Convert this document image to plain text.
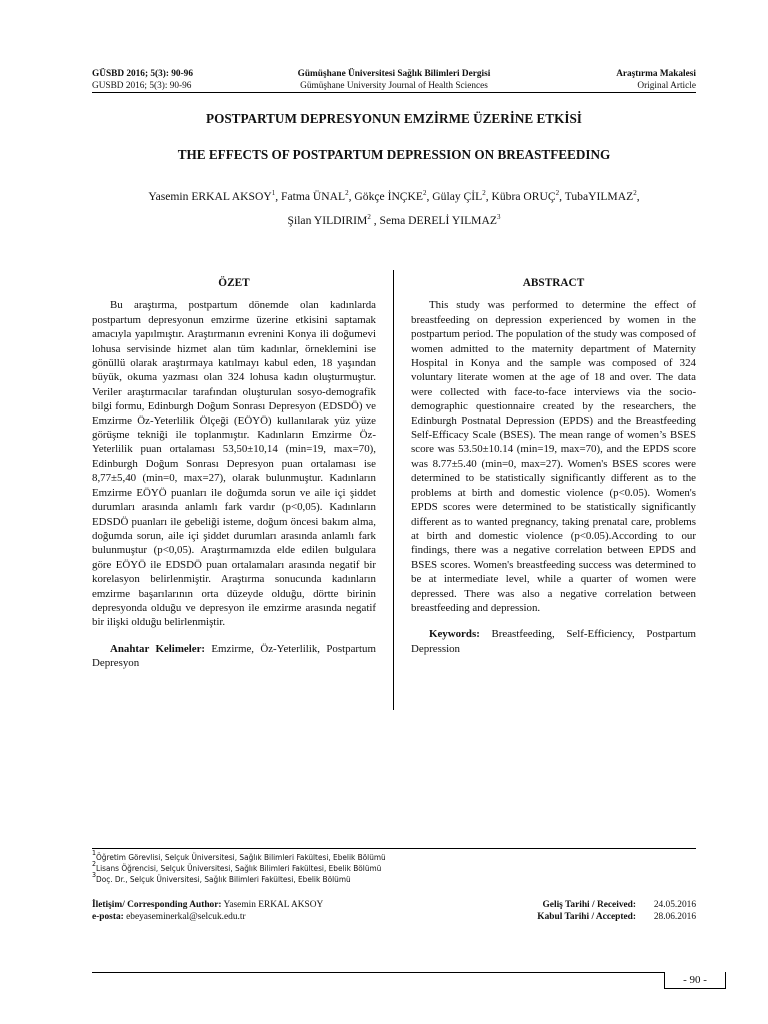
GÜSBD 2016; 5(3): 90-96	Gümüşhane Üniversitesi Sağlık Bilimleri Dergisi	Araştırma Makalesi
GUSBD 2016; 5(3): 90-96	Gümüşhane University Journal of Health Sciences	Original Article
POSTPARTUM DEPRESYONUN EMZİRME ÜZERİNE ETKİSİ
THE EFFECTS OF POSTPARTUM DEPRESSION ON BREASTFEEDING
Yasemin ERKAL AKSOY$^1$, Fatma ÜNAL$^2$, Gökçe İNÇKE$^2$, Gülay ÇİL$^2$, Kübra ORUÇ$^2$, TubaYILMAZ$^2$,
Şilan YILDIRIM$^2$ , Sema DERELİ YILMAZ$^3$
ÖZET

Bu araştırma, postpartum dönemde olan kadınlarda postpartum depresyonun emzirme üzerine etkisini saptamak amacıyla yapılmıştır. Araştırmanın evrenini Konya ili doğumevi lohusa servisinde hizmet alan tüm kadınlar, örneklemini ise gönüllü olarak araştırmaya katılmayı kabul eden, 18 yaşından büyük, okuma yazması olan 324 lohusa kadın oluşturmuştur. Veriler araştırmacılar tarafından oluşturulan sosyo-demografik bilgi formu, Edinburgh Doğum Sonrası Depresyon (EDSDÖ) ve Emzirme Öz-Yeterlilik Ölçeği (EÖYÖ) kullanılarak yüz yüze görüşme tekniği ile toplanmıştır. Kadınların Emzirme Öz-Yeterlilik puan ortalaması 53,50±10,14 (min=19, max=70), Edinburgh Doğum Sonrası Depresyon puan ortalaması ise 8,77±5,40 (min=0, max=27), olarak bulunmuştur. Kadınların Emzirme EÖYÖ puanları ile doğumda sorun ve aile içi şiddet durumları arasında anlamlı fark vardır (p<0,05). Kadınların EDSDÖ puanları ile gebeliği isteme, doğum öncesi bakım alma, doğumda sorun, aile içi şiddet durumları arasında anlamlı fark bulunmuştur (p<0,05). Araştırmamızda elde edilen bulgulara göre EÖYÖ ile EDSDÖ puan ortalamaları arasında negatif bir korelasyon belirlenmiştir. Araştırma sonucunda kadınların emzirme başarılarının orta düzeyde olduğu, dörtte birinin depresyonda olduğu ve depresyon ile emzirme arasında negatif bir ilişki olduğu belirlenmiştir.

Anahtar Kelimeler: Emzirme, Öz-Yeterlilik, Postpartum Depresyon

ABSTRACT

This study was performed to determine the effect of breastfeeding on depression experienced by women in the postpartum period. The population of the study was composed of women admitted to the maternity department of Maternity Hospital in Konya and the sample was composed of 324 voluntary literate women at the age of 18 and over. The data were collected with face-to-face interviews via the socio-demographic questionnaire created by the researchers, the Edinburgh Postnatal Depression (EPDS) and the Breastfeeding Self-Efficacy Scale (BSES). The mean range of women’s BSES score was 53.50±10.14 (min=19, max=70), and the EPDS score was 8.77±5.40 (min=0, max=27). Women's BSES scores were determined to be statistically significantly different as to the problems at birth and domestic violence (p<0.05). Women's EPDS scores were determined to be statistically significantly different as to wanted pregnancy, taking prenatal care, problems at birth and domestic violence (p<0.05).According to our findings, there was a negative correlation between EPDS and BSES scores. Women's breastfeeding success was determined to be at intermediate level, while a quarter of women were depressed. There was also a negative correlation between breastfeeding and depression.

Keywords: Breastfeeding, Self-Efficiency, Postpartum Depression

$^1$Öğretim Görevlisi, Selçuk Üniversitesi, Sağlık Bilimleri Fakültesi, Ebelik Bölümü
$^2$Lisans Öğrencisi, Selçuk Üniversitesi, Sağlık Bilimleri Fakültesi, Ebelik Bölümü
$^3$Doç. Dr., Selçuk Üniversitesi, Sağlık Bilimleri Fakültesi, Ebelik Bölümü
İletişim/ Corresponding Author: Yasemin ERKAL AKSOY	Geliş Tarihi / Received:	24.05.2016
e-posta: ebeyaseminerkal@selcuk.edu.tr	Kabul Tarihi / Accepted:	28.06.2016
- 90 -
